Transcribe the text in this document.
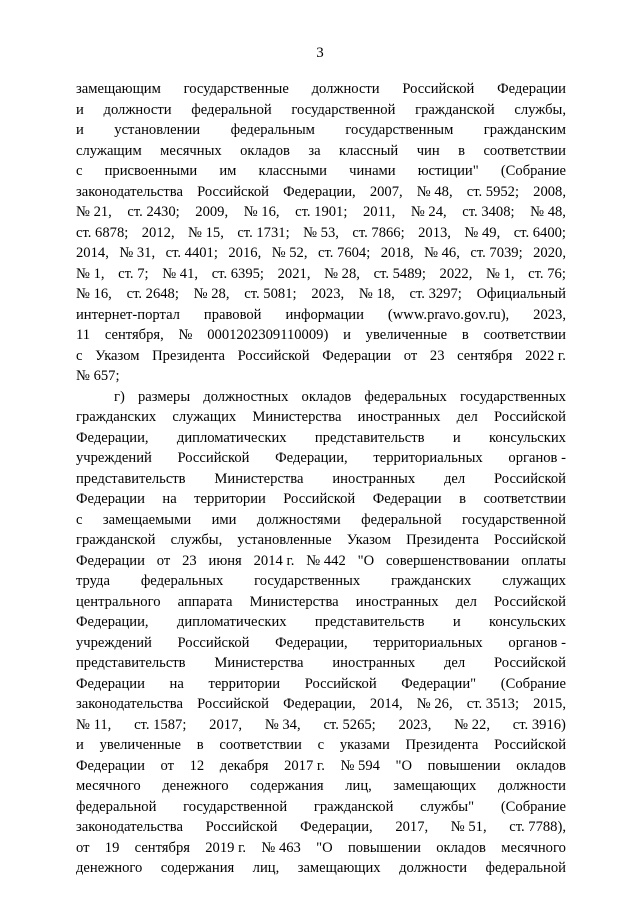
3
замещающим государственные должности Российской Федерации
и должности федеральной государственной гражданской службы,
и установлении федеральным государственным гражданским
служащим месячных окладов за классный чин в соответствии
с присвоенными им классными чинами юстиции" (Собрание
законодательства Российской Федерации, 2007, № 48, ст. 5952; 2008,
№ 21, ст. 2430; 2009, № 16, ст. 1901; 2011, № 24, ст. 3408; № 48,
ст. 6878; 2012, № 15, ст. 1731; № 53, ст. 7866; 2013, № 49, ст. 6400;
2014, № 31, ст. 4401; 2016, № 52, ст. 7604; 2018, № 46, ст. 7039; 2020,
№ 1, ст. 7; № 41, ст. 6395; 2021, № 28, ст. 5489; 2022, № 1, ст. 76;
№ 16, ст. 2648; № 28, ст. 5081; 2023, № 18, ст. 3297; Официальный
интернет-портал правовой информации (www.pravo.gov.ru), 2023,
11 сентября, № 0001202309110009) и увеличенные в соответствии
с Указом Президента Российской Федерации от 23 сентября 2022 г.
№ 657;
г) размеры должностных окладов федеральных государственных
гражданских служащих Министерства иностранных дел Российской
Федерации, дипломатических представительств и консульских
учреждений Российской Федерации, территориальных органов -
представительств Министерства иностранных дел Российской
Федерации на территории Российской Федерации в соответствии
с замещаемыми ими должностями федеральной государственной
гражданской службы, установленные Указом Президента Российской
Федерации от 23 июня 2014 г. № 442 "О совершенствовании оплаты
труда федеральных государственных гражданских служащих
центрального аппарата Министерства иностранных дел Российской
Федерации, дипломатических представительств и консульских
учреждений Российской Федерации, территориальных органов -
представительств Министерства иностранных дел Российской
Федерации на территории Российской Федерации" (Собрание
законодательства Российской Федерации, 2014, № 26, ст. 3513; 2015,
№ 11, ст. 1587; 2017, № 34, ст. 5265; 2023, № 22, ст. 3916)
и увеличенные в соответствии с указами Президента Российской
Федерации от 12 декабря 2017 г. № 594 "О повышении окладов
месячного денежного содержания лиц, замещающих должности
федеральной государственной гражданской службы" (Собрание
законодательства Российской Федерации, 2017, № 51, ст. 7788),
от 19 сентября 2019 г. № 463 "О повышении окладов месячного
денежного содержания лиц, замещающих должности федеральной
